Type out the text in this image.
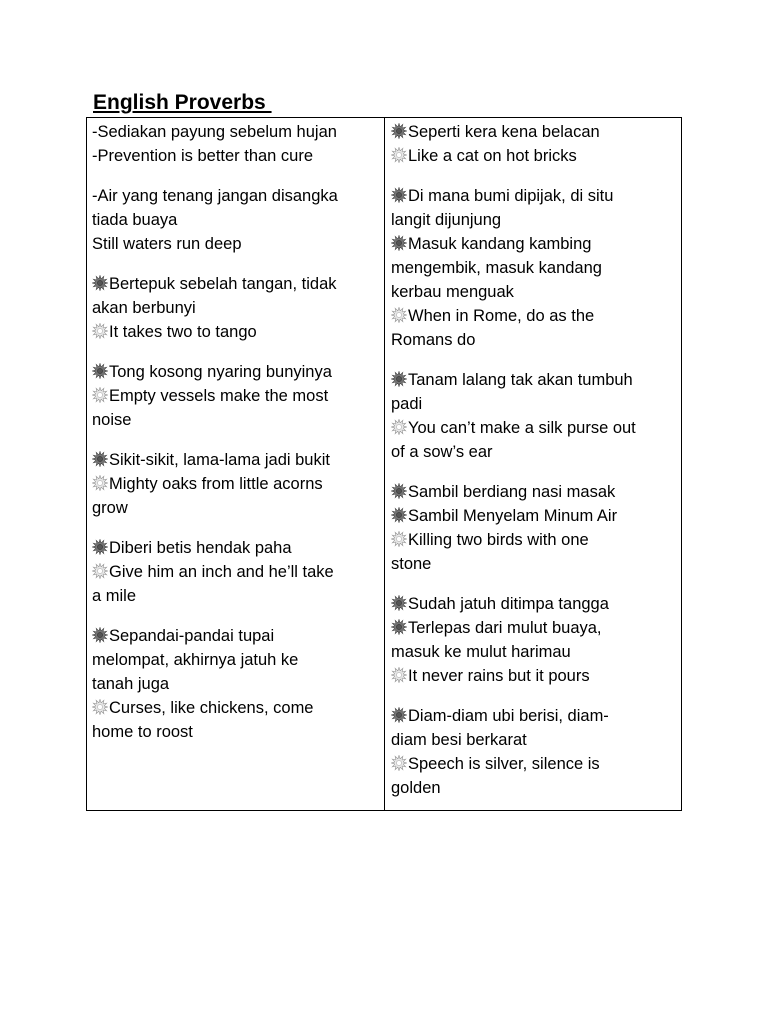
English Proverbs
-Sediakan payung sebelum hujan
-Prevention is better than cure
-Air yang tenang jangan disangka
tiada buaya
Still waters run deep
Bertepuk sebelah tangan, tidak
akan berbunyi
It takes two to tango
Tong kosong nyaring bunyinya
Empty vessels make the most
noise
Sikit-sikit, lama-lama jadi bukit
Mighty oaks from little acorns
grow
Diberi betis hendak paha
Give him an inch and he’ll take
a mile
Sepandai-pandai tupai
melompat, akhirnya jatuh ke
tanah juga
Curses, like chickens, come
home to roost
Seperti kera kena belacan
Like a cat on hot bricks
Di mana bumi dipijak, di situ
langit dijunjung
Masuk kandang kambing
mengembik, masuk kandang
kerbau menguak
When in Rome, do as the
Romans do
Tanam lalang tak akan tumbuh
padi
You can’t make a silk purse out
of a sow’s ear
Sambil berdiang nasi masak
Sambil Menyelam Minum Air
Killing two birds with one
stone
Sudah jatuh ditimpa tangga
Terlepas dari mulut buaya,
masuk ke mulut harimau
It never rains but it pours
Diam-diam ubi berisi, diam-
diam besi berkarat
Speech is silver, silence is
golden
